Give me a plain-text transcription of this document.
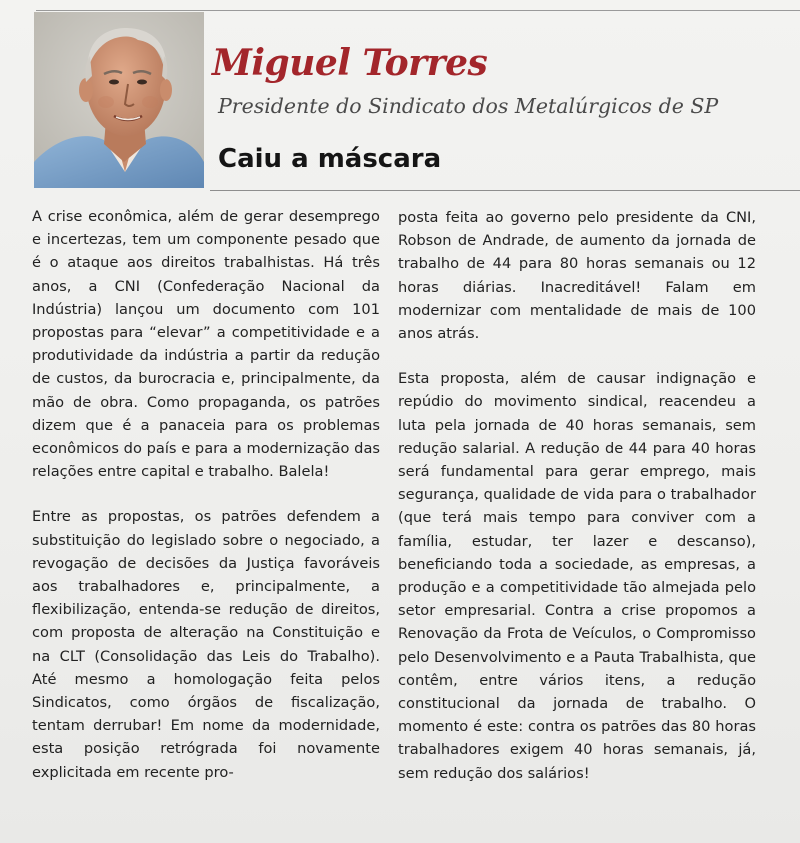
Miguel Torres
Presidente do Sindicato dos Metalúrgicos de SP
Caiu a máscara

A crise econômica, além de gerar desemprego e incertezas, tem um componente pesado que é o ataque aos direitos trabalhistas. Há três anos, a CNI (Confederação Nacional da Indústria) lançou um documento com 101 propostas para “elevar” a competitividade e a produtividade da indústria a partir da redução de custos, da burocracia e, principalmente, da mão de obra. Como propaganda, os patrões dizem que é a panaceia para os problemas econômicos do país e para a modernização das relações entre capital e trabalho. Balela!

Entre as propostas, os patrões defendem a substituição do legislado sobre o negociado, a revogação de decisões da Justiça favoráveis aos trabalhadores e, principalmente, a flexibilização, entenda-se redução de direitos, com proposta de alteração na Constituição e na CLT (Consolidação das Leis do Trabalho). Até mesmo a homologação feita pelos Sindicatos, como órgãos de fiscalização, tentam derrubar! Em nome da modernidade, esta posição retrógrada foi novamente explicitada em recente pro-

posta feita ao governo pelo presidente da CNI, Robson de Andrade, de aumento da jornada de trabalho de 44 para 80 horas semanais ou 12 horas diárias. Inacreditável! Falam em modernizar com mentalidade de mais de 100 anos atrás.

Esta proposta, além de causar indignação e repúdio do movimento sindical, reacendeu a luta pela jornada de 40 horas semanais, sem redução salarial. A redução de 44 para 40 horas será fundamental para gerar emprego, mais segurança, qualidade de vida para o trabalhador (que terá mais tempo para conviver com a família, estudar, ter lazer e descanso), beneficiando toda a sociedade, as empresas, a produção e a competitividade tão almejada pelo setor empresarial. Contra a crise propomos a Renovação da Frota de Veículos, o Compromisso pelo Desenvolvimento e a Pauta Trabalhista, que contêm, entre vários itens, a redução constitucional da jornada de trabalho. O momento é este: contra os patrões das 80 horas trabalhadores exigem 40 horas semanais, já, sem redução dos salários!
